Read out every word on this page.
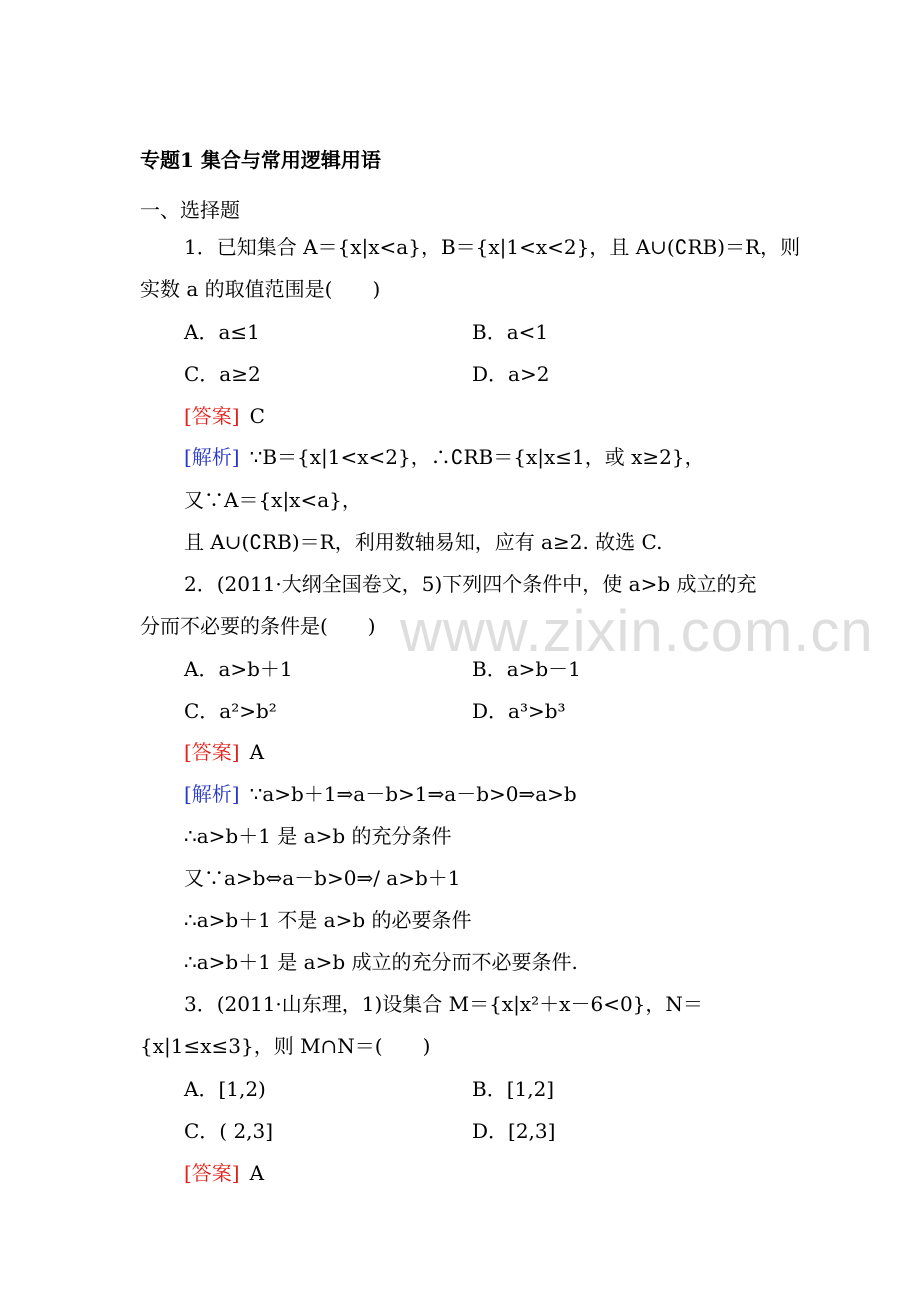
www.zixin.com.cn
专题1 集合与常用逻辑用语
一、选择题
1．已知集合 A＝{x|x<a}，B＝{x|1<x<2}，且 A∪(∁RB)＝R，则
实数 a 的取值范围是(　　)
A．a≤1	B．a<1
C．a≥2	D．a>2
[答案] C
[解析] ∵B＝{x|1<x<2}，∴∁RB＝{x|x≤1，或 x≥2}，
又∵A＝{x|x<a}，
且 A∪(∁RB)＝R，利用数轴易知，应有 a≥2. 故选 C.
2．(2011·大纲全国卷文，5)下列四个条件中，使 a>b 成立的充
分而不必要的条件是(　　)
A．a>b＋1	B．a>b－1
C．a²>b²	D．a³>b³
[答案] A
[解析] ∵a>b＋1⇒a－b>1⇒a－b>0⇒a>b
∴a>b＋1 是 a>b 的充分条件
又∵a>b⇔a－b>0⇒/ a>b＋1
∴a>b＋1 不是 a>b 的必要条件
∴a>b＋1 是 a>b 成立的充分而不必要条件.
3．(2011·山东理，1)设集合 M＝{x|x²＋x－6<0}，N＝
{x|1≤x≤3}，则 M∩N＝(　　)
A．[1,2)	B．[1,2]
C．( 2,3]	D．[2,3]
[答案] A
